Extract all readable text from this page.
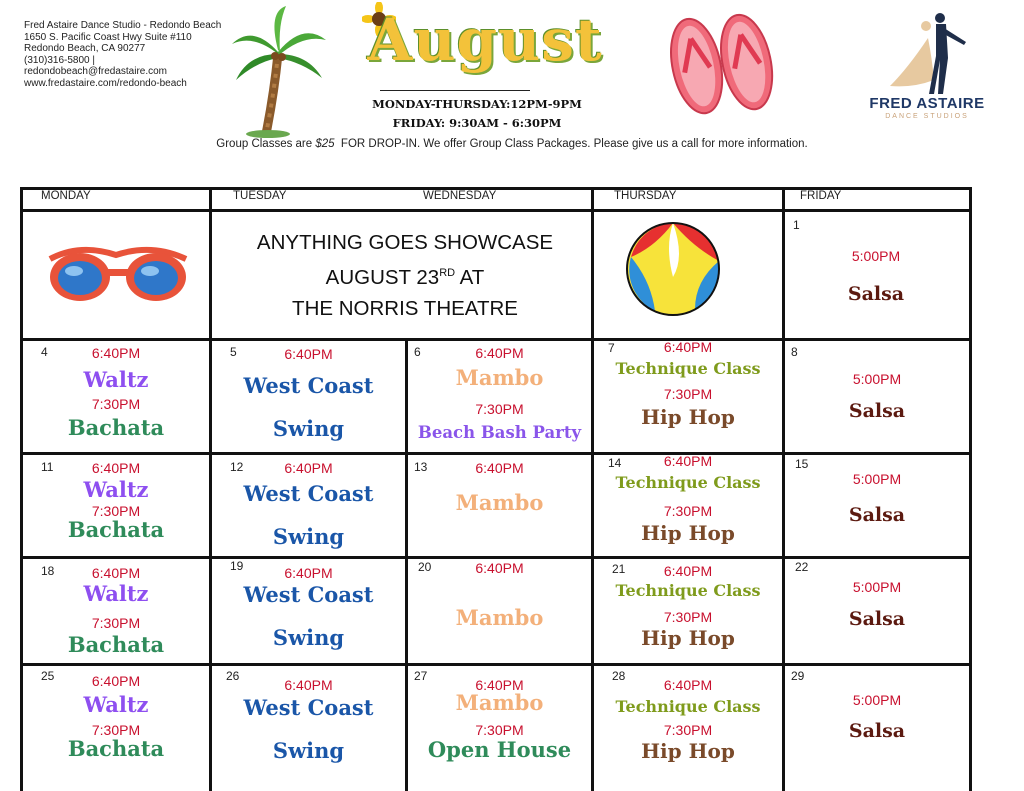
Fred Astaire Dance Studio - Redondo Beach
1650 S. Pacific Coast Hwy Suite #110
Redondo Beach, CA 90277
(310)316-5800 |
redondobeach@fredastaire.com
www.fredastaire.com/redondo-beach
August
MONDAY-THURSDAY:12PM-9PM
FRIDAY: 9:30AM - 6:30PM
FRED ASTAIRE
DANCE STUDIOS
Group Classes are $25  FOR DROP-IN. We offer Group Class Packages. Please give us a call for more information.
MONDAY	TUESDAY	WEDNESDAY	THURSDAY	FRIDAY
ANYTHING GOES SHOWCASE
AUGUST 23RD AT
THE NORRIS THEATRE
1
5:00PM
Salsa
4	6:40PM
Waltz
7:30PM
Bachata
5	6:40PM
West Coast
Swing
6	6:40PM
Mambo
7:30PM
Beach Bash Party
7	6:40PM
Technique Class
7:30PM
Hip Hop
8
5:00PM
Salsa
11	6:40PM
Waltz
7:30PM
Bachata
12	6:40PM
West Coast
Swing
13	6:40PM
Mambo
14	6:40PM
Technique Class
7:30PM
Hip Hop
15
5:00PM
Salsa
18	6:40PM
Waltz
7:30PM
Bachata
19	6:40PM
West Coast
Swing
20	6:40PM
Mambo
21	6:40PM
Technique Class
7:30PM
Hip Hop
22
5:00PM
Salsa
25	6:40PM
Waltz
7:30PM
Bachata
26
6:40PM
West Coast
Swing
27
6:40PM
Mambo
7:30PM
Open House
28
6:40PM
Technique Class
7:30PM
Hip Hop
29
5:00PM
Salsa
